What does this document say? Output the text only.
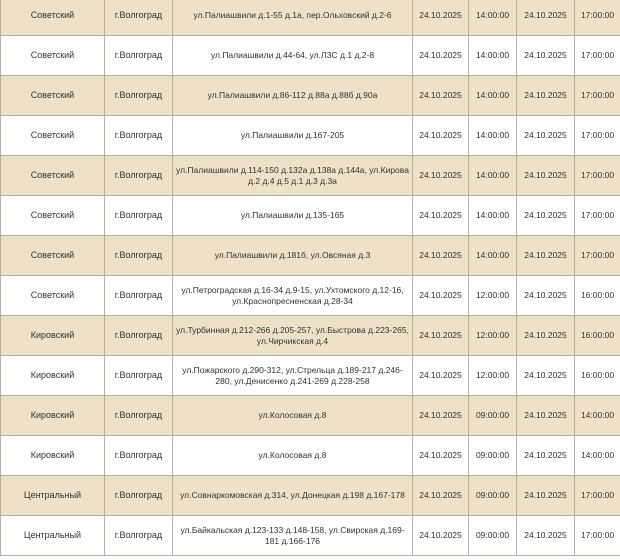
Советский	г.Волгоград	ул.Палиашвили д.1-55 д.1а, пер.Ольховский д.2-6	24.10.2025	14:00:00	24.10.2025	17:00:00
Советский	г.Волгоград	ул.Палиашвили д.44-64, ул.ЛЗС д.1 д.2-8	24.10.2025	14:00:00	24.10.2025	17:00:00
Советский	г.Волгоград	ул.Палиашвили д.86-112 д.88а д.88б д.90а	24.10.2025	14:00:00	24.10.2025	17:00:00
Советский	г.Волгоград	ул.Палиашвили д.167-205	24.10.2025	14:00:00	24.10.2025	17:00:00
Советский	г.Волгоград	ул.Палиашвили д.114-150 д.132а д.138а д.144а, ул.Кирова д.2 д.4 д.5 д.1 д.3 д.3а	24.10.2025	14:00:00	24.10.2025	17:00:00
Советский	г.Волгоград	ул.Палиашвили д.135-165	24.10.2025	14:00:00	24.10.2025	17:00:00
Советский	г.Волгоград	ул.Палиашвили д.181б, ул.Овсяная д.3	24.10.2025	14:00:00	24.10.2025	17:00:00
Советский	г.Волгоград	ул.Петроградская д.16-34 д.9-15, ул.Ухтомского д.12-16, ул.Краснопресненская д.28-34	24.10.2025	12:00:00	24.10.2025	16:00:00
Кировский	г.Волгоград	ул.Турбинная д.212-266 д.205-257, ул.Быстрова д.223-265, ул.Чирчикская д.4	24.10.2025	12:00:00	24.10.2025	16:00:00
Кировский	г.Волгоград	ул.Пожарского д.290-312, ул.Стрельца д.189-217 д.246-280, ул.Денисенко д.241-269 д.228-258	24.10.2025	12:00:00	24.10.2025	16:00:00
Кировский	г.Волгоград	ул.Колосовая д.8	24.10.2025	09:00:00	24.10.2025	14:00:00
Кировский	г.Волгоград	ул.Колосовая д.8	24.10.2025	09:00:00	24.10.2025	14:00:00
Центральный	г.Волгоград	ул.Совнаркомовская д.314, ул.Донецкая д.198 д.167-178	24.10.2025	09:00:00	24.10.2025	17:00:00
Центральный	г.Волгоград	ул.Байкальская д.123-133 д.148-158, ул.Свирская д.169-181 д.166-176	24.10.2025	09:00:00	24.10.2025	17:00:00
